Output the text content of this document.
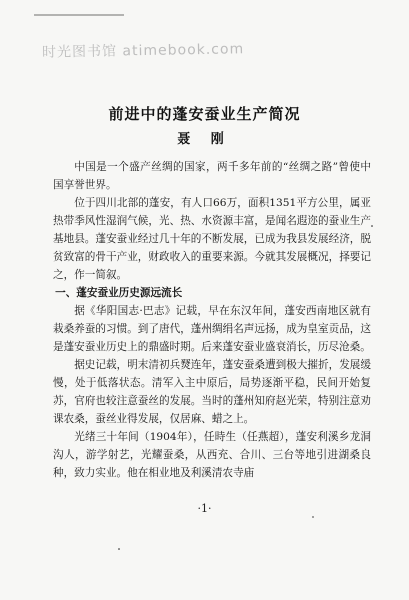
时光图书馆 atimebook.com
前进中的蓬安蚕业生产简况
聂 刚

中国是一个盛产丝绸的国家，两千多年前的“丝绸之路”曾使中国享誉世界。

位于四川北部的蓬安，有人口66万，面积1351平方公里，属亚热带季风性湿润气候，光、热、水资源丰富，是闻名遐迩的蚕业生产基地县。蓬安蚕业经过几十年的不断发展，已成为我县发展经济，脱贫致富的骨干产业，财政收入的重要来源。今就其发展概况，择要记之，作一简叙。

一、蓬安蚕业历史源远流长

据《华阳国志·巴志》记载，早在东汉年间，蓬安西南地区就有栽桑养蚕的习惯。到了唐代，蓬州绸绢名声远扬，成为皇室贡品，这是蓬安蚕业历史上的鼎盛时期。后来蓬安蚕业盛衰消长，历尽沧桑。

据史记载，明末清初兵燹连年，蓬安蚕桑遭到极大摧折，发展缓慢，处于低落状态。清军入主中原后，局势逐渐平稳，民间开始复苏，官府也较注意蚕丝的发展。当时的蓬州知府赵光荣，特别注意劝课农桑，蚕丝业得发展，仅居麻、蜡之上。

光绪三十年间（1904年），任時生（任燕超），蓬安利溪乡龙洞沟人，游学射艺，光耀蚕桑，从西充、合川、三台等地引进湖桑良种，致力实业。他在相业地及利溪清农寺庙

·1·
